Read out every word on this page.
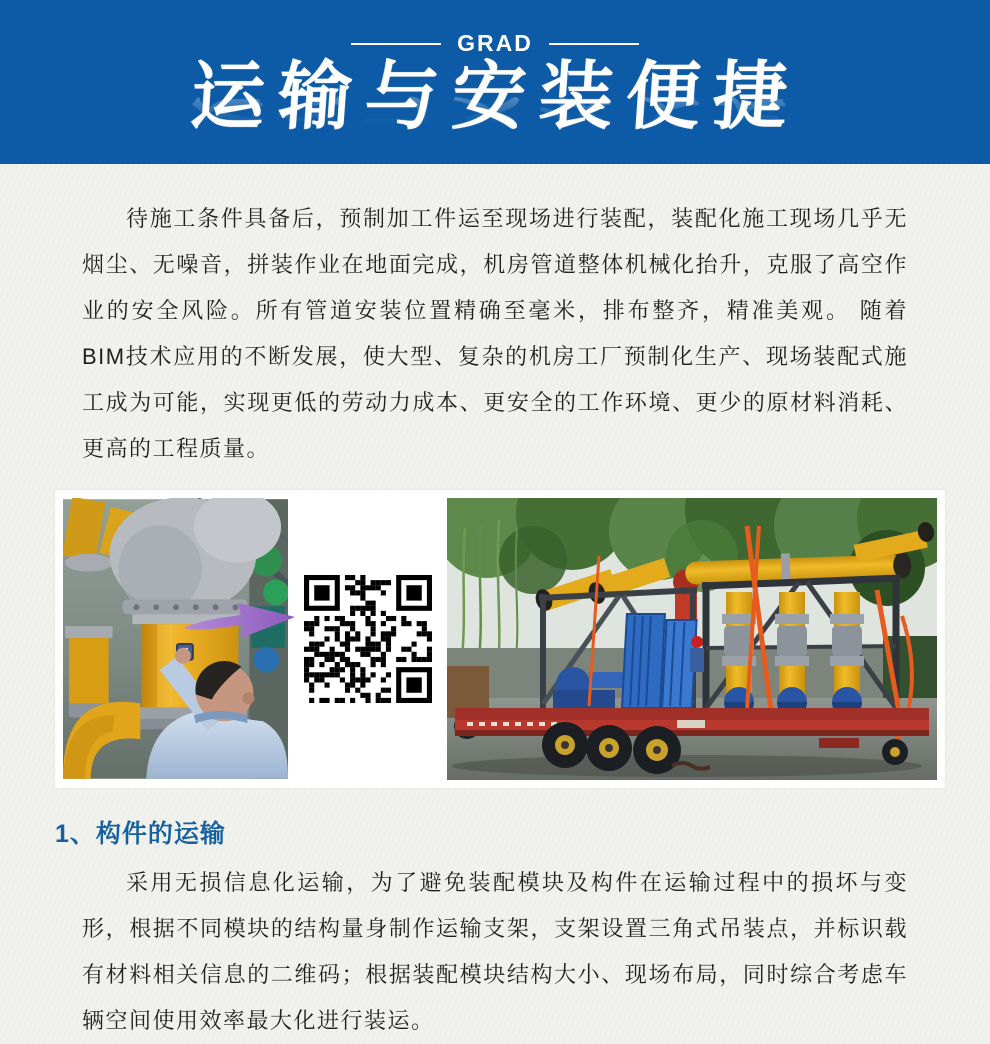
GRAD
运输与安装便捷

待施工条件具备后，预制加工件运至现场进行装配，装配化施工现场几乎无烟尘、无噪音，拼装作业在地面完成，机房管道整体机械化抬升，克服了高空作业的安全风险。所有管道安装位置精确至毫米，排布整齐，精准美观。 随着BIM技术应用的不断发展，使大型、复杂的机房工厂预制化生产、现场装配式施工成为可能，实现更低的劳动力成本、更安全的工作环境、更少的原材料消耗、更高的工程质量。

1、构件的运输

采用无损信息化运输，为了避免装配模块及构件在运输过程中的损坏与变形，根据不同模块的结构量身制作运输支架，支架设置三角式吊装点，并标识载有材料相关信息的二维码；根据装配模块结构大小、现场布局，同时综合考虑车辆空间使用效率最大化进行装运。
